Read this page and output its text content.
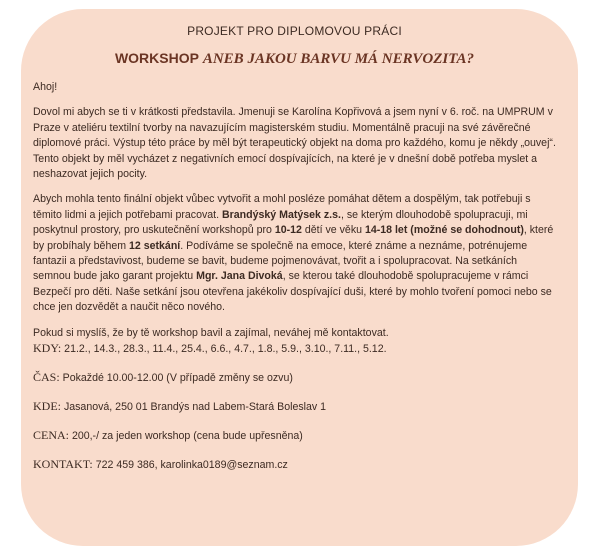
PROJEKT PRO DIPLOMOVOU PRÁCI

WORKSHOP ANEB JAKOU BARVU MÁ NERVOZITA?

Ahoj!

Dovol mi abych se ti v krátkosti představila. Jmenuji se Karolína Kopřivová a jsem nyní v 6. roč. na UMPRUM v Praze v ateliéru textilní tvorby na navazujícím magisterském studiu. Momentálně pracuji na své závěrečné diplomové práci. Výstup této práce by měl být terapeutický objekt na doma pro každého, komu je někdy „ouvej“. Tento objekt by měl vycházet z negativních emocí dospívajících, na které je v dnešní době potřeba myslet a neshazovat jejich pocity.

Abych mohla tento finální objekt vůbec vytvořit a mohl posléze pomáhat dětem a dospělým, tak potřebuji s těmito lidmi a jejich potřebami pracovat. Brandýský Matýsek z.s., se kterým dlouhodobě spolupracuji, mi poskytnul prostory, pro uskutečnění workshopů pro 10-12 dětí ve věku 14-18 let (možné se dohodnout), které by probíhaly během 12 setkání. Podíváme se společně na emoce, které známe a neznáme, potrénujeme fantazii a představivost, budeme se bavit, budeme pojmenovávat, tvořit a i spolupracovat. Na setkáních semnou bude jako garant projektu Mgr. Jana Divoká, se kterou také dlouhodobě spolupracujeme v rámci Bezpečí pro děti. Naše setkání jsou otevřena jakékoliv dospívající duši, které by mohlo tvoření pomoci nebo se chce jen dozvědět a naučit něco nového.

Pokud si myslíš, že by tě workshop bavil a zajímal, neváhej mě kontaktovat.

KDY: 21.2., 14.3., 28.3., 11.4., 25.4., 6.6., 4.7., 1.8., 5.9., 3.10., 7.11., 5.12.

ČAS: Pokaždé 10.00-12.00 (V případě změny se ozvu)

KDE: Jasanová, 250 01 Brandýs nad Labem-Stará Boleslav 1

CENA: 200,-/ za jeden workshop (cena bude upřesněna)

KONTAKT: 722 459 386, karolinka0189@seznam.cz
